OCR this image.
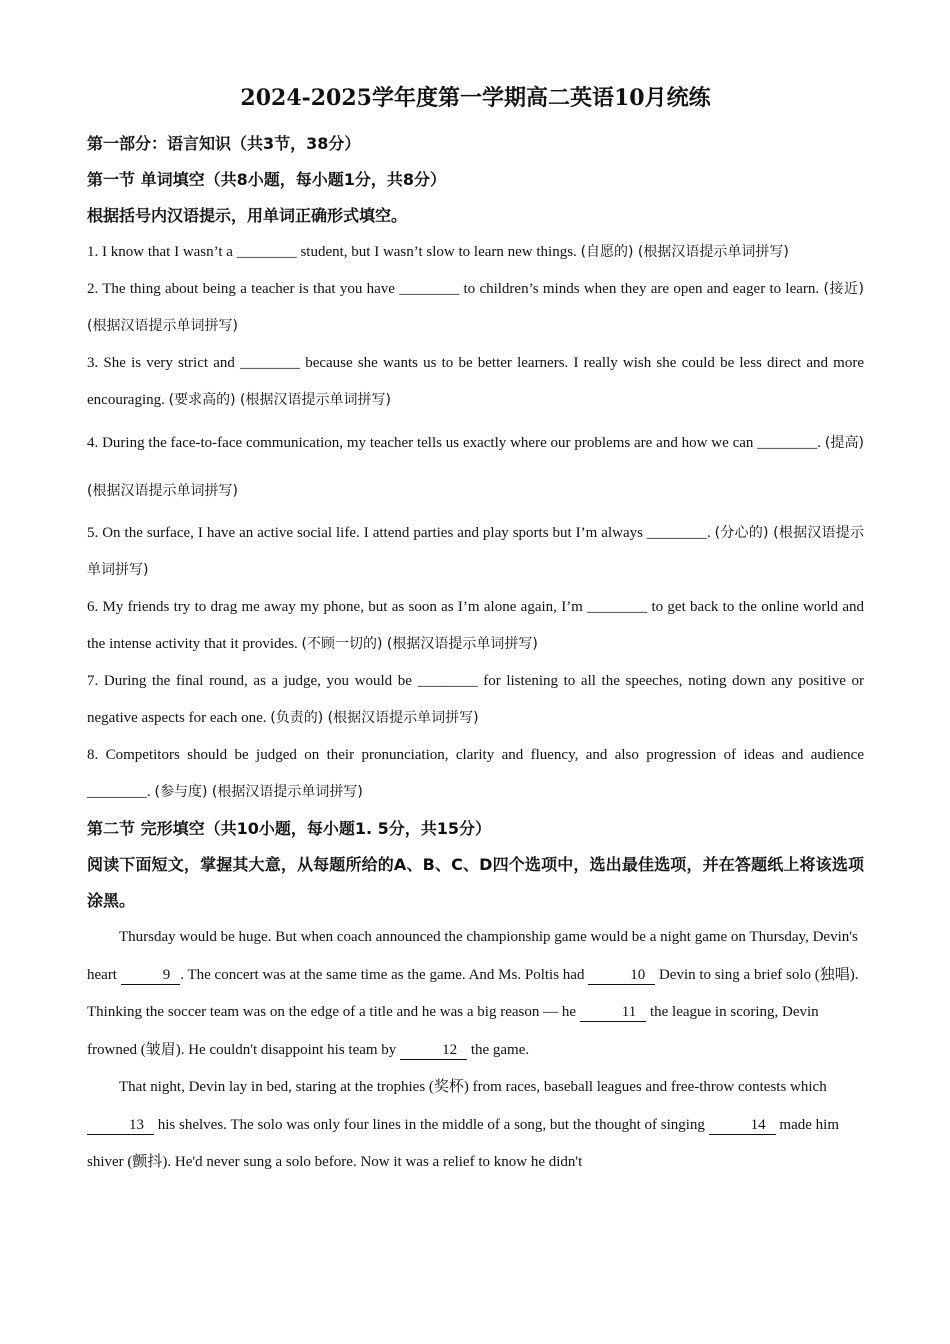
2024-2025学年度第一学期高二英语10月统练
第一部分：语言知识（共3节，38分）
第一节 单词填空（共8小题，每小题1分，共8分）
根据括号内汉语提示，用单词正确形式填空。

1. I know that I wasn’t a ________ student, but I wasn’t slow to learn new things. (自愿的) (根据汉语提示单词拼写)

2. The thing about being a teacher is that you have ________ to children’s minds when they are open and eager to learn. (接近) (根据汉语提示单词拼写)

3. She is very strict and ________ because she wants us to be better learners. I really wish she could be less direct and more encouraging. (要求高的) (根据汉语提示单词拼写)

4. During the face-to-face communication, my teacher tells us exactly where our problems are and how we can ________. (提高) (根据汉语提示单词拼写)

5. On the surface, I have an active social life. I attend parties and play sports but I’m always ________. (分心的) (根据汉语提示单词拼写)

6. My friends try to drag me away my phone, but as soon as I’m alone again, I’m ________ to get back to the online world and the intense activity that it provides. (不顾一切的) (根据汉语提示单词拼写)

7. During the final round, as a judge, you would be ________ for listening to all the speeches, noting down any positive or negative aspects for each one. (负责的) (根据汉语提示单词拼写)

8. Competitors should be judged on their pronunciation, clarity and fluency, and also progression of ideas and audience ________. (参与度) (根据汉语提示单词拼写)

第二节 完形填空（共10小题，每小题1. 5分，共15分）
阅读下面短文，掌握其大意，从每题所给的A、B、C、D四个选项中，选出最佳选项，并在答题纸上将该选项涂黑。

Thursday would be huge. But when coach announced the championship game would be a night game on Thursday, Devin's heart	9 . The concert was at the same time as the game. And Ms. Poltis had	10 Devin to sing a brief solo (独唱). Thinking the soccer team was on the edge of a title and he was a big reason — he	11 the league in scoring, Devin frowned (皱眉). He couldn't disappoint his team by	12 the game.

That night, Devin lay in bed, staring at the trophies (奖杯) from races, baseball leagues and free-throw contests which 13 his shelves. The solo was only four lines in the middle of a song, but the thought of singing	14 made him shiver (颤抖). He'd never sung a solo before. Now it was a relief to know he didn't
